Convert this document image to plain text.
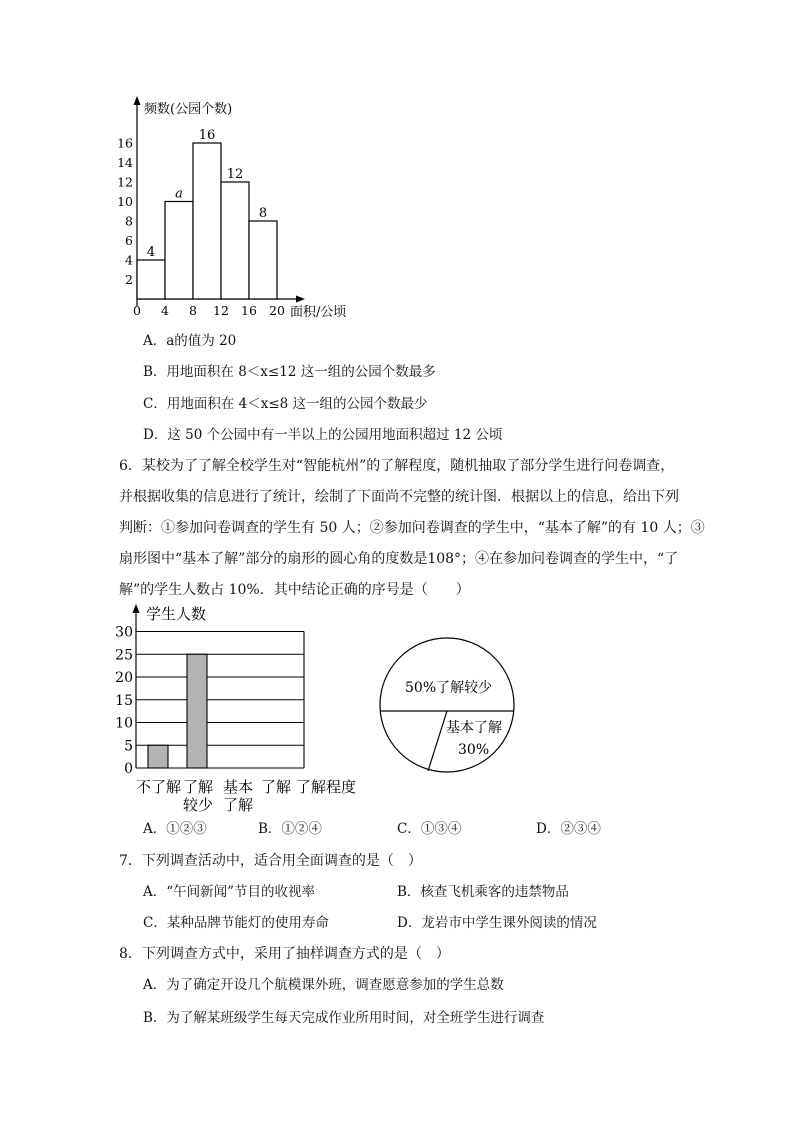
频数(公园个数)
面积/公顷
2
4
6
8
10
12
14
16
0 4 8 12 16 20
4
a
16
12
8
A．a的值为 20
B．用地面积在 8＜x≤12 这一组的公园个数最多
C．用地面积在 4＜x≤8 这一组的公园个数最少
D．这 50 个公园中有一半以上的公园用地面积超过 12 公顷
6．某校为了了解全校学生对“智能杭州”的了解程度，随机抽取了部分学生进行问卷调查，
并根据收集的信息进行了统计，绘制了下面尚不完整的统计图．根据以上的信息，给出下列
判断：①参加问卷调查的学生有 50 人；②参加问卷调查的学生中，“基本了解”的有 10 人；③
扇形图中“基本了解”部分的扇形的圆心角的度数是108°；④在参加问卷调查的学生中，“了
解”的学生人数占 10%．其中结论正确的序号是（　　）
学生人数
0
5
10
15
20
25
30
不了解 了解
较少
基本
了解
了解 了解程度
50%了解较少
基本了解
30%
A．①②③	B．①②④	C．①③④	D．②③④
7．下列调查活动中，适合用全面调查的是（　）
A．“午间新闻”节目的收视率	B．核查飞机乘客的违禁物品
C．某种品牌节能灯的使用寿命	D．龙岩市中学生课外阅读的情况
8．下列调查方式中，采用了抽样调查方式的是（　）
A．为了确定开设几个航模课外班，调查愿意参加的学生总数
B．为了解某班级学生每天完成作业所用时间，对全班学生进行调查
